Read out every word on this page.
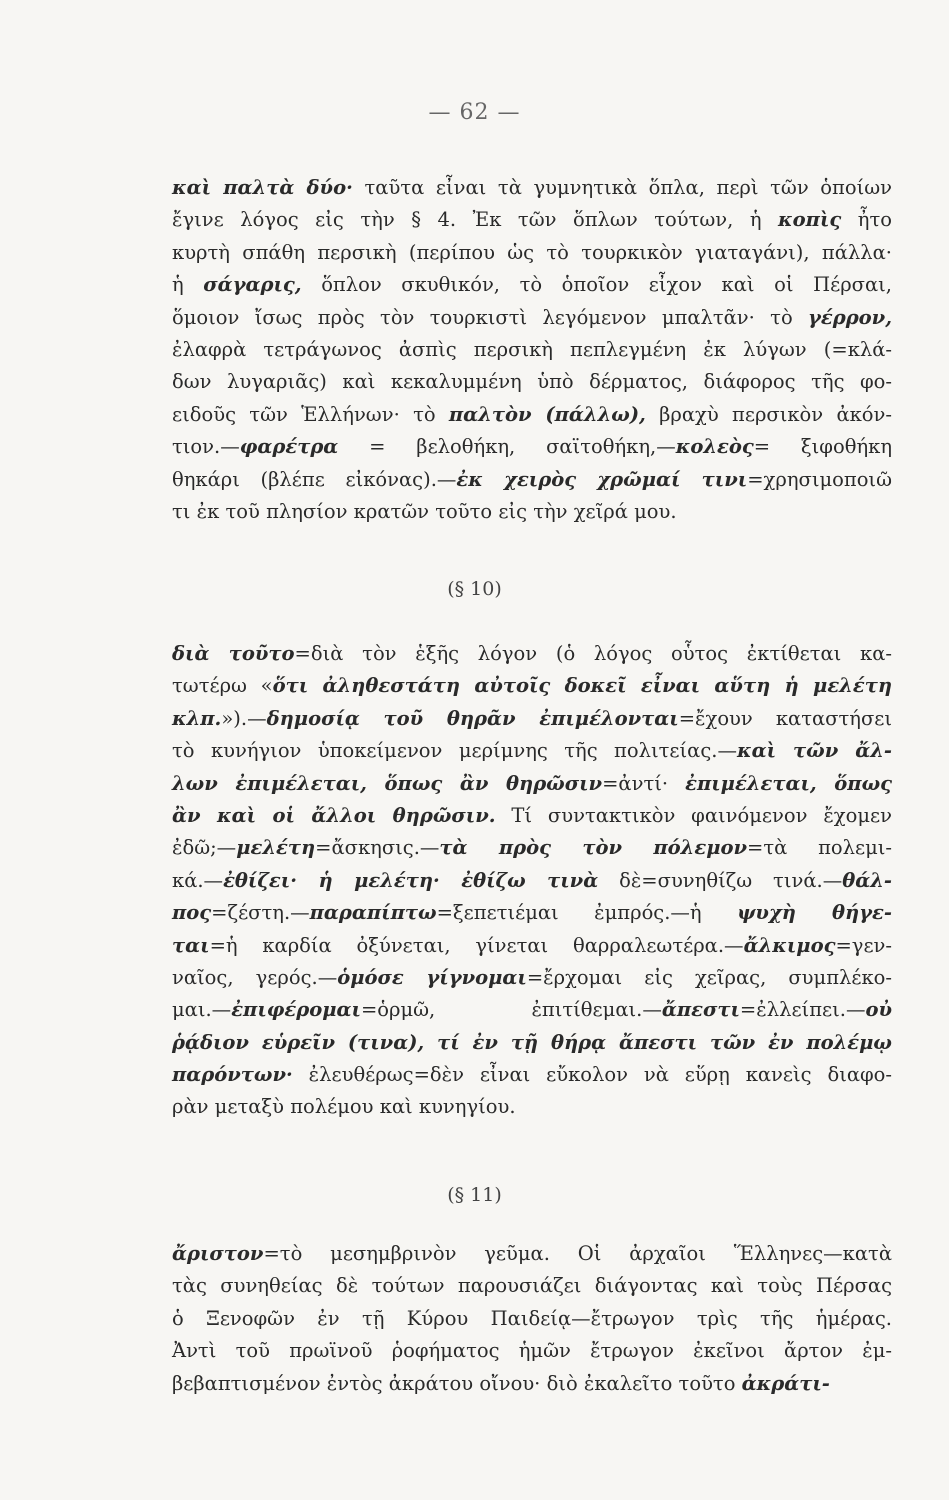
— 62 —
καὶ παλτὰ δύο· ταῦτα εἶναι τὰ γυμνητικὰ ὅπλα, περὶ τῶν ὁποίων
ἔγινε λόγος εἰς τὴν § 4. Ἐκ τῶν ὅπλων τούτων, ἡ κοπὶς ἦτο
κυρτὴ σπάθη περσικὴ (περίπου ὡς τὸ τουρκικὸν γιαταγάνι), πάλλα·
ἡ σάγαρις, ὅπλον σκυθικόν, τὸ ὁποῖον εἶχον καὶ οἱ Πέρσαι,
ὅμοιον ἴσως πρὸς τὸν τουρκιστὶ λεγόμενον μπαλτᾶν· τὸ γέρρον,
ἐλαφρὰ τετράγωνος ἀσπὶς περσικὴ πεπλεγμένη ἐκ λύγων (=κλά-
δων λυγαριᾶς) καὶ κεκαλυμμένη ὑπὸ δέρματος, διάφορος τῆς φο-
ειδοῦς τῶν Ἑλλήνων· τὸ παλτὸν (πάλλω), βραχὺ περσικὸν ἀκόν-
τιον.—φαρέτρα = βελοθήκη, σαϊτοθήκη,—κολεὸς= ξιφοθήκη
θηκάρι (βλέπε εἰκόνας).—ἐκ χειρὸς χρῶμαί τινι=χρησιμοποιῶ
τι ἐκ τοῦ πλησίον κρατῶν τοῦτο εἰς τὴν χεῖρά μου.
(§ 10)
διὰ τοῦτο=διὰ τὸν ἑξῆς λόγον (ὁ λόγος οὗτος ἐκτίθεται κα-
τωτέρω «ὅτι ἀληθεστάτη αὐτοῖς δοκεῖ εἶναι αὕτη ἡ μελέτη
κλπ.»).—δημοσίᾳ τοῦ θηρᾶν ἐπιμέλονται=ἔχουν καταστήσει
τὸ κυνήγιον ὑποκείμενον μερίμνης τῆς πολιτείας.—καὶ τῶν ἄλ-
λων ἐπιμέλεται, ὅπως ἂν θηρῶσιν=ἀντί· ἐπιμέλεται, ὅπως
ἂν καὶ οἱ ἄλλοι θηρῶσιν. Τί συντακτικὸν φαινόμενον ἔχομεν
ἐδῶ;—μελέτη=ἄσκησις.—τὰ πρὸς τὸν πόλεμον=τὰ πολεμι-
κά.—ἐθίζει· ἡ μελέτη· ἐθίζω τινὰ δὲ=συνηθίζω τινά.—θάλ-
πος=ζέστη.—παραπίπτω=ξεπετιέμαι ἐμπρός.—ἡ ψυχὴ θήγε-
ται=ἡ καρδία ὀξύνεται, γίνεται θαρραλεωτέρα.—ἄλκιμος=γεν-
ναῖος, γερός.—ὁμόσε γίγνομαι=ἔρχομαι εἰς χεῖρας, συμπλέκο-
μαι.—ἐπιφέρομαι=ὁρμῶ, ἐπιτίθεμαι.—ἄπεστι=ἐλλείπει.—οὐ
ῥᾴδιον εὑρεῖν (τινα), τί ἐν τῇ θήρᾳ ἄπεστι τῶν ἐν πολέμῳ
παρόντων· ἐλευθέρως=δὲν εἶναι εὔκολον νὰ εὕρῃ κανεὶς διαφο-
ρὰν μεταξὺ πολέμου καὶ κυνηγίου.
(§ 11)
ἄριστον=τὸ μεσημβρινὸν γεῦμα. Οἱ ἀρχαῖοι Ἕλληνες—κατὰ
τὰς συνηθείας δὲ τούτων παρουσιάζει διάγοντας καὶ τοὺς Πέρσας
ὁ Ξενοφῶν ἐν τῇ Κύρου Παιδείᾳ—ἔτρωγον τρὶς τῆς ἡμέρας.
Ἀντὶ τοῦ πρωϊνοῦ ῥοφήματος ἡμῶν ἔτρωγον ἐκεῖνοι ἄρτον ἐμ-
βεβαπτισμένον ἐντὸς ἀκράτου οἴνου· διὸ ἐκαλεῖτο τοῦτο ἀκράτι-
